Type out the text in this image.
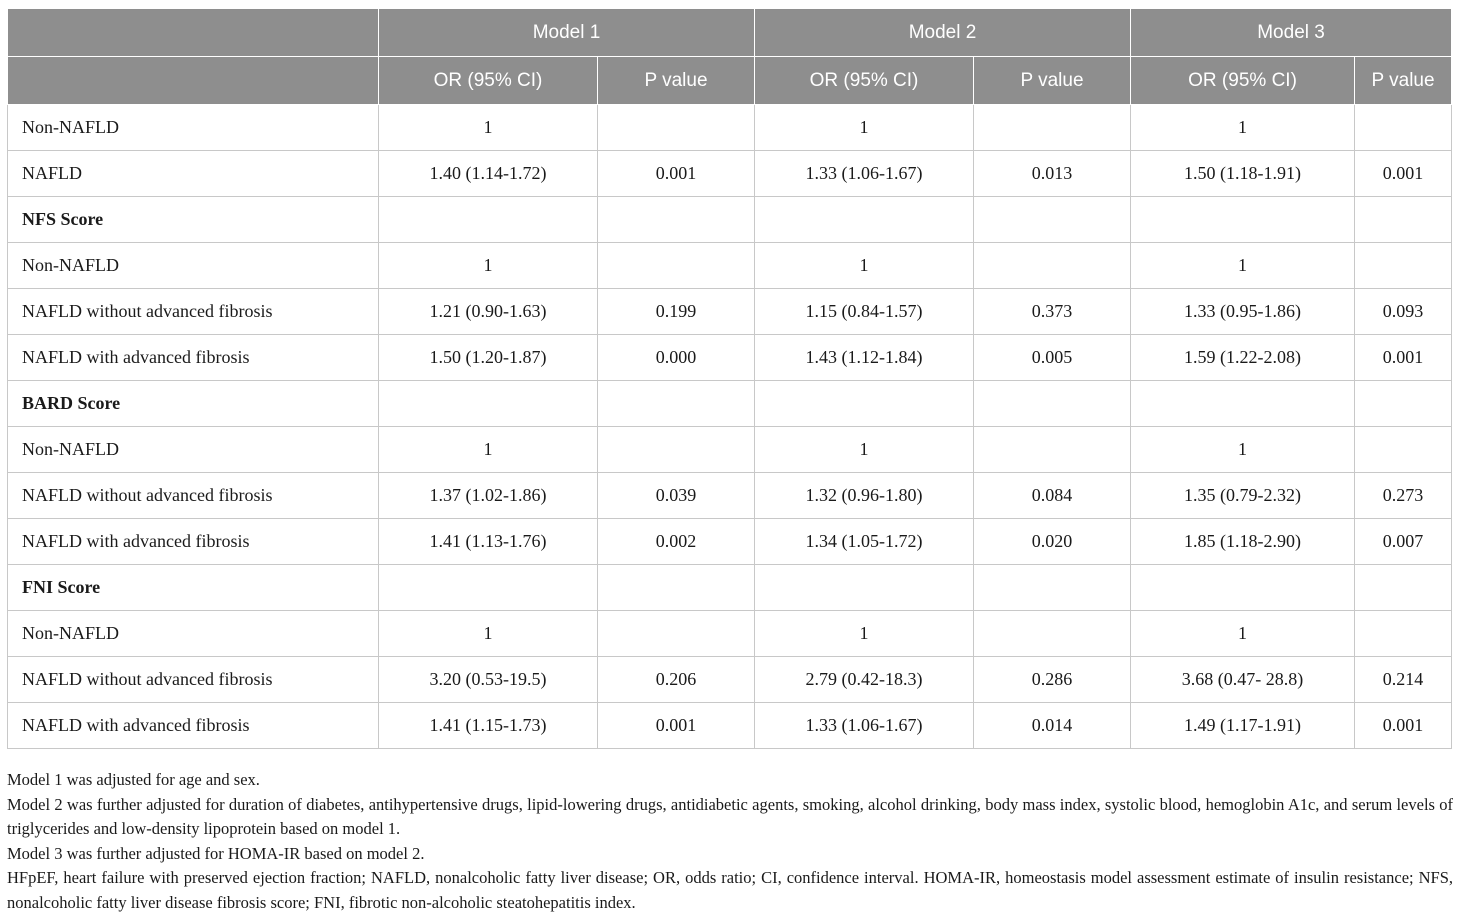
	Model 1		Model 2		Model 3	
	OR (95% CI)	P value	OR (95% CI)	P value	OR (95% CI)	P value
Non-NAFLD	1		1		1	
NAFLD	1.40 (1.14-1.72)	0.001	1.33 (1.06-1.67)	0.013	1.50 (1.18-1.91)	0.001
NFS Score						
Non-NAFLD	1		1		1	
NAFLD without advanced fibrosis	1.21 (0.90-1.63)	0.199	1.15 (0.84-1.57)	0.373	1.33 (0.95-1.86)	0.093
NAFLD with advanced fibrosis	1.50 (1.20-1.87)	0.000	1.43 (1.12-1.84)	0.005	1.59 (1.22-2.08)	0.001
BARD Score						
Non-NAFLD	1		1		1	
NAFLD without advanced fibrosis	1.37 (1.02-1.86)	0.039	1.32 (0.96-1.80)	0.084	1.35 (0.79-2.32)	0.273
NAFLD with advanced fibrosis	1.41 (1.13-1.76)	0.002	1.34 (1.05-1.72)	0.020	1.85 (1.18-2.90)	0.007
FNI Score						
Non-NAFLD	1		1		1	
NAFLD without advanced fibrosis	3.20 (0.53-19.5)	0.206	2.79 (0.42-18.3)	0.286	3.68 (0.47- 28.8)	0.214
NAFLD with advanced fibrosis	1.41 (1.15-1.73)	0.001	1.33 (1.06-1.67)	0.014	1.49 (1.17-1.91)	0.001

Model 1 was adjusted for age and sex.

Model 2 was further adjusted for duration of diabetes, antihypertensive drugs, lipid-lowering drugs, antidiabetic agents, smoking, alcohol drinking, body mass index, systolic blood, hemoglobin A1c, and serum levels of triglycerides and low-density lipoprotein based on model 1.

Model 3 was further adjusted for HOMA-IR based on model 2.

HFpEF, heart failure with preserved ejection fraction; NAFLD, nonalcoholic fatty liver disease; OR, odds ratio; CI, confidence interval. HOMA-IR, homeostasis model assessment estimate of insulin resistance; NFS, nonalcoholic fatty liver disease fibrosis score; FNI, fibrotic non-alcoholic steatohepatitis index.
